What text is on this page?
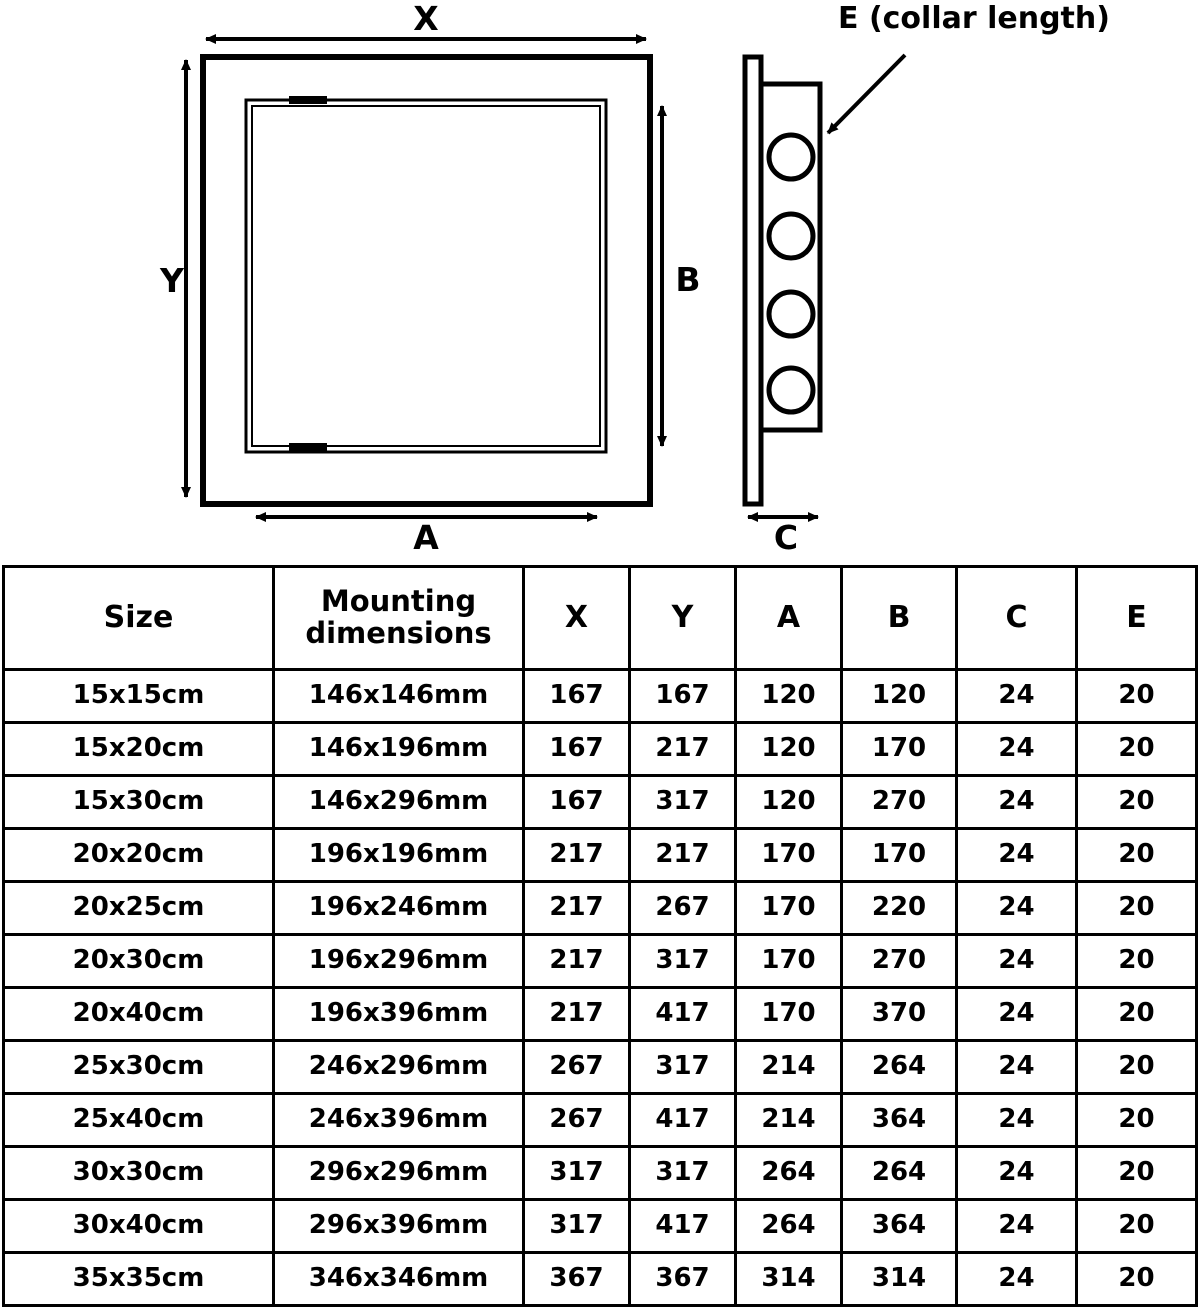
X
Y
A
B
C
E (collar length)
Size	Mounting dimensions	X	Y	A	B	C	E
15x15cm	146x146mm	167	167	120	120	24	20
15x20cm	146x196mm	167	217	120	170	24	20
15x30cm	146x296mm	167	317	120	270	24	20
20x20cm	196x196mm	217	217	170	170	24	20
20x25cm	196x246mm	217	267	170	220	24	20
20x30cm	196x296mm	217	317	170	270	24	20
20x40cm	196x396mm	217	417	170	370	24	20
25x30cm	246x296mm	267	317	214	264	24	20
25x40cm	246x396mm	267	417	214	364	24	20
30x30cm	296x296mm	317	317	264	264	24	20
30x40cm	296x396mm	317	417	264	364	24	20
35x35cm	346x346mm	367	367	314	314	24	20
